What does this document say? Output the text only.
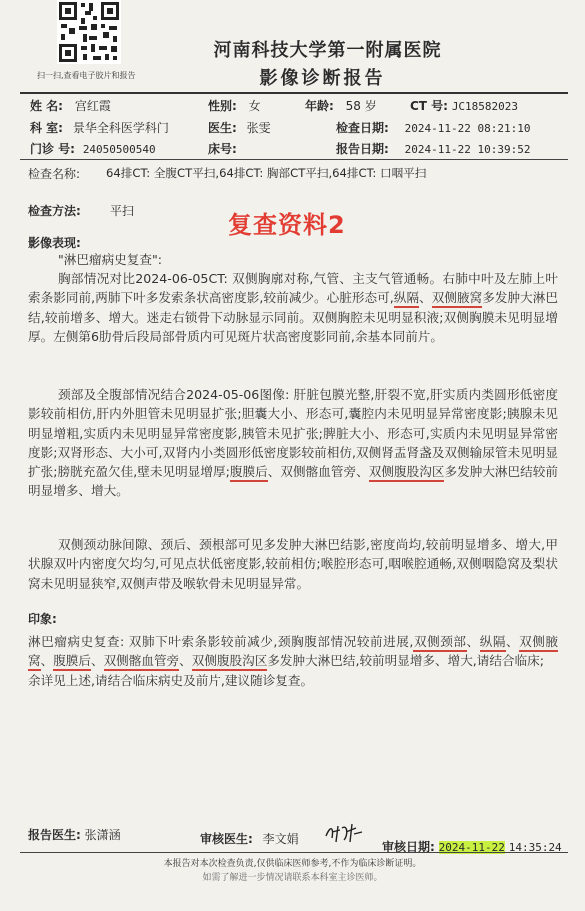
扫一扫,查看电子胶片和报告
河南科技大学第一附属医院
影像诊断报告
姓 名: 宫红霞	性别: 女	年龄: 58 岁	CT 号: JC18582023
科 室: 景华全科医学科门	医生: 张雯	检查日期: 2024-11-22 08:21:10
门诊 号: 24050500540	床号:	报告日期: 2024-11-22 10:39:52
检查名称: 64排CT: 全腹CT平扫,64排CT: 胸部CT平扫,64排CT: 口咽平扫
检查方法: 平扫	复查资料2
影像表现:
"淋巴瘤病史复查":
胸部情况对比2024-06-05CT: 双侧胸廓对称,气管、主支气管通畅。右肺中叶及左肺上叶索条影同前,两肺下叶多发索条状高密度影,较前减少。心脏形态可,纵隔、双侧腋窝多发肿大淋巴结,较前增多、增大。迷走右锁骨下动脉显示同前。双侧胸腔未见明显积液;双侧胸膜未见明显增厚。左侧第6肋骨后段局部骨质内可见斑片状高密度影同前,余基本同前片。
颈部及全腹部情况结合2024-05-06图像: 肝脏包膜光整,肝裂不宽,肝实质内类圆形低密度影较前相仿,肝内外胆管未见明显扩张;胆囊大小、形态可,囊腔内未见明显异常密度影;胰腺未见明显增粗,实质内未见明显异常密度影,胰管未见扩张;脾脏大小、形态可,实质内未见明显异常密度影;双肾形态、大小可,双肾内小类圆形低密度影较前相仿,双侧肾盂肾盏及双侧输尿管未见明显扩张;膀胱充盈欠佳,壁未见明显增厚;腹膜后、双侧髂血管旁、双侧腹股沟区多发肿大淋巴结较前明显增多、增大。
双侧颈动脉间隙、颈后、颈根部可见多发肿大淋巴结影,密度尚均,较前明显增多、增大,甲状腺双叶内密度欠均匀,可见点状低密度影,较前相仿;喉腔形态可,咽喉腔通畅,双侧咽隐窝及梨状窝未见明显狭窄,双侧声带及喉软骨未见明显异常。
印象:
淋巴瘤病史复查: 双肺下叶索条影较前减少,颈胸腹部情况较前进展,双侧颈部、纵隔、双侧腋窝、腹膜后、双侧髂血管旁、双侧腹股沟区多发肿大淋巴结,较前明显增多、增大,请结合临床;
余详见上述,请结合临床病史及前片,建议随诊复查。
报告医生: 张潇涵	审核医生: 李文娟
审核日期: 2024-11-22 14:35:24
本报告对本次检查负责,仅供临床医师参考,不作为临床诊断证明。
如需了解进一步情况请联系本科室主诊医师。
